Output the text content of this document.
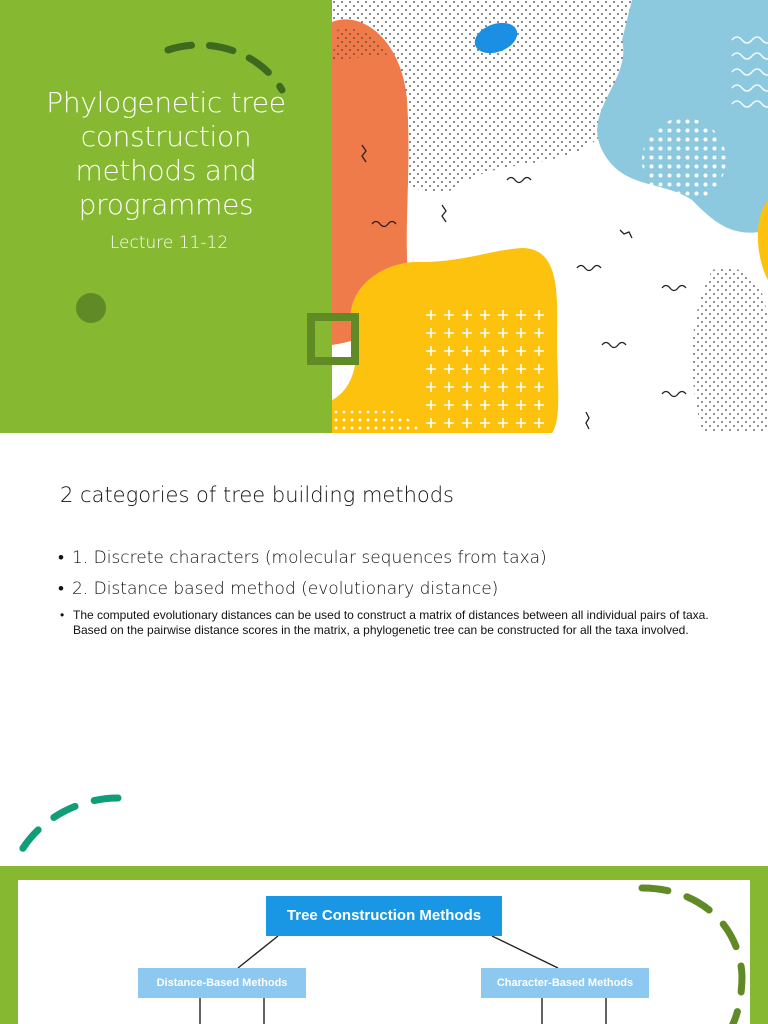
Phylogenetic tree
construction
methods and
programmes
Lecture 11-12
2 categories of tree building methods
• 1. Discrete characters (molecular sequences from taxa)
• 2. Distance based method (evolutionary distance)
• The computed evolutionary distances can be used to construct a matrix of distances between all individual pairs of taxa. Based on the pairwise distance scores in the matrix, a phylogenetic tree can be constructed for all the taxa involved.
Tree Construction Methods
Distance-Based Methods	Character-Based Methods
